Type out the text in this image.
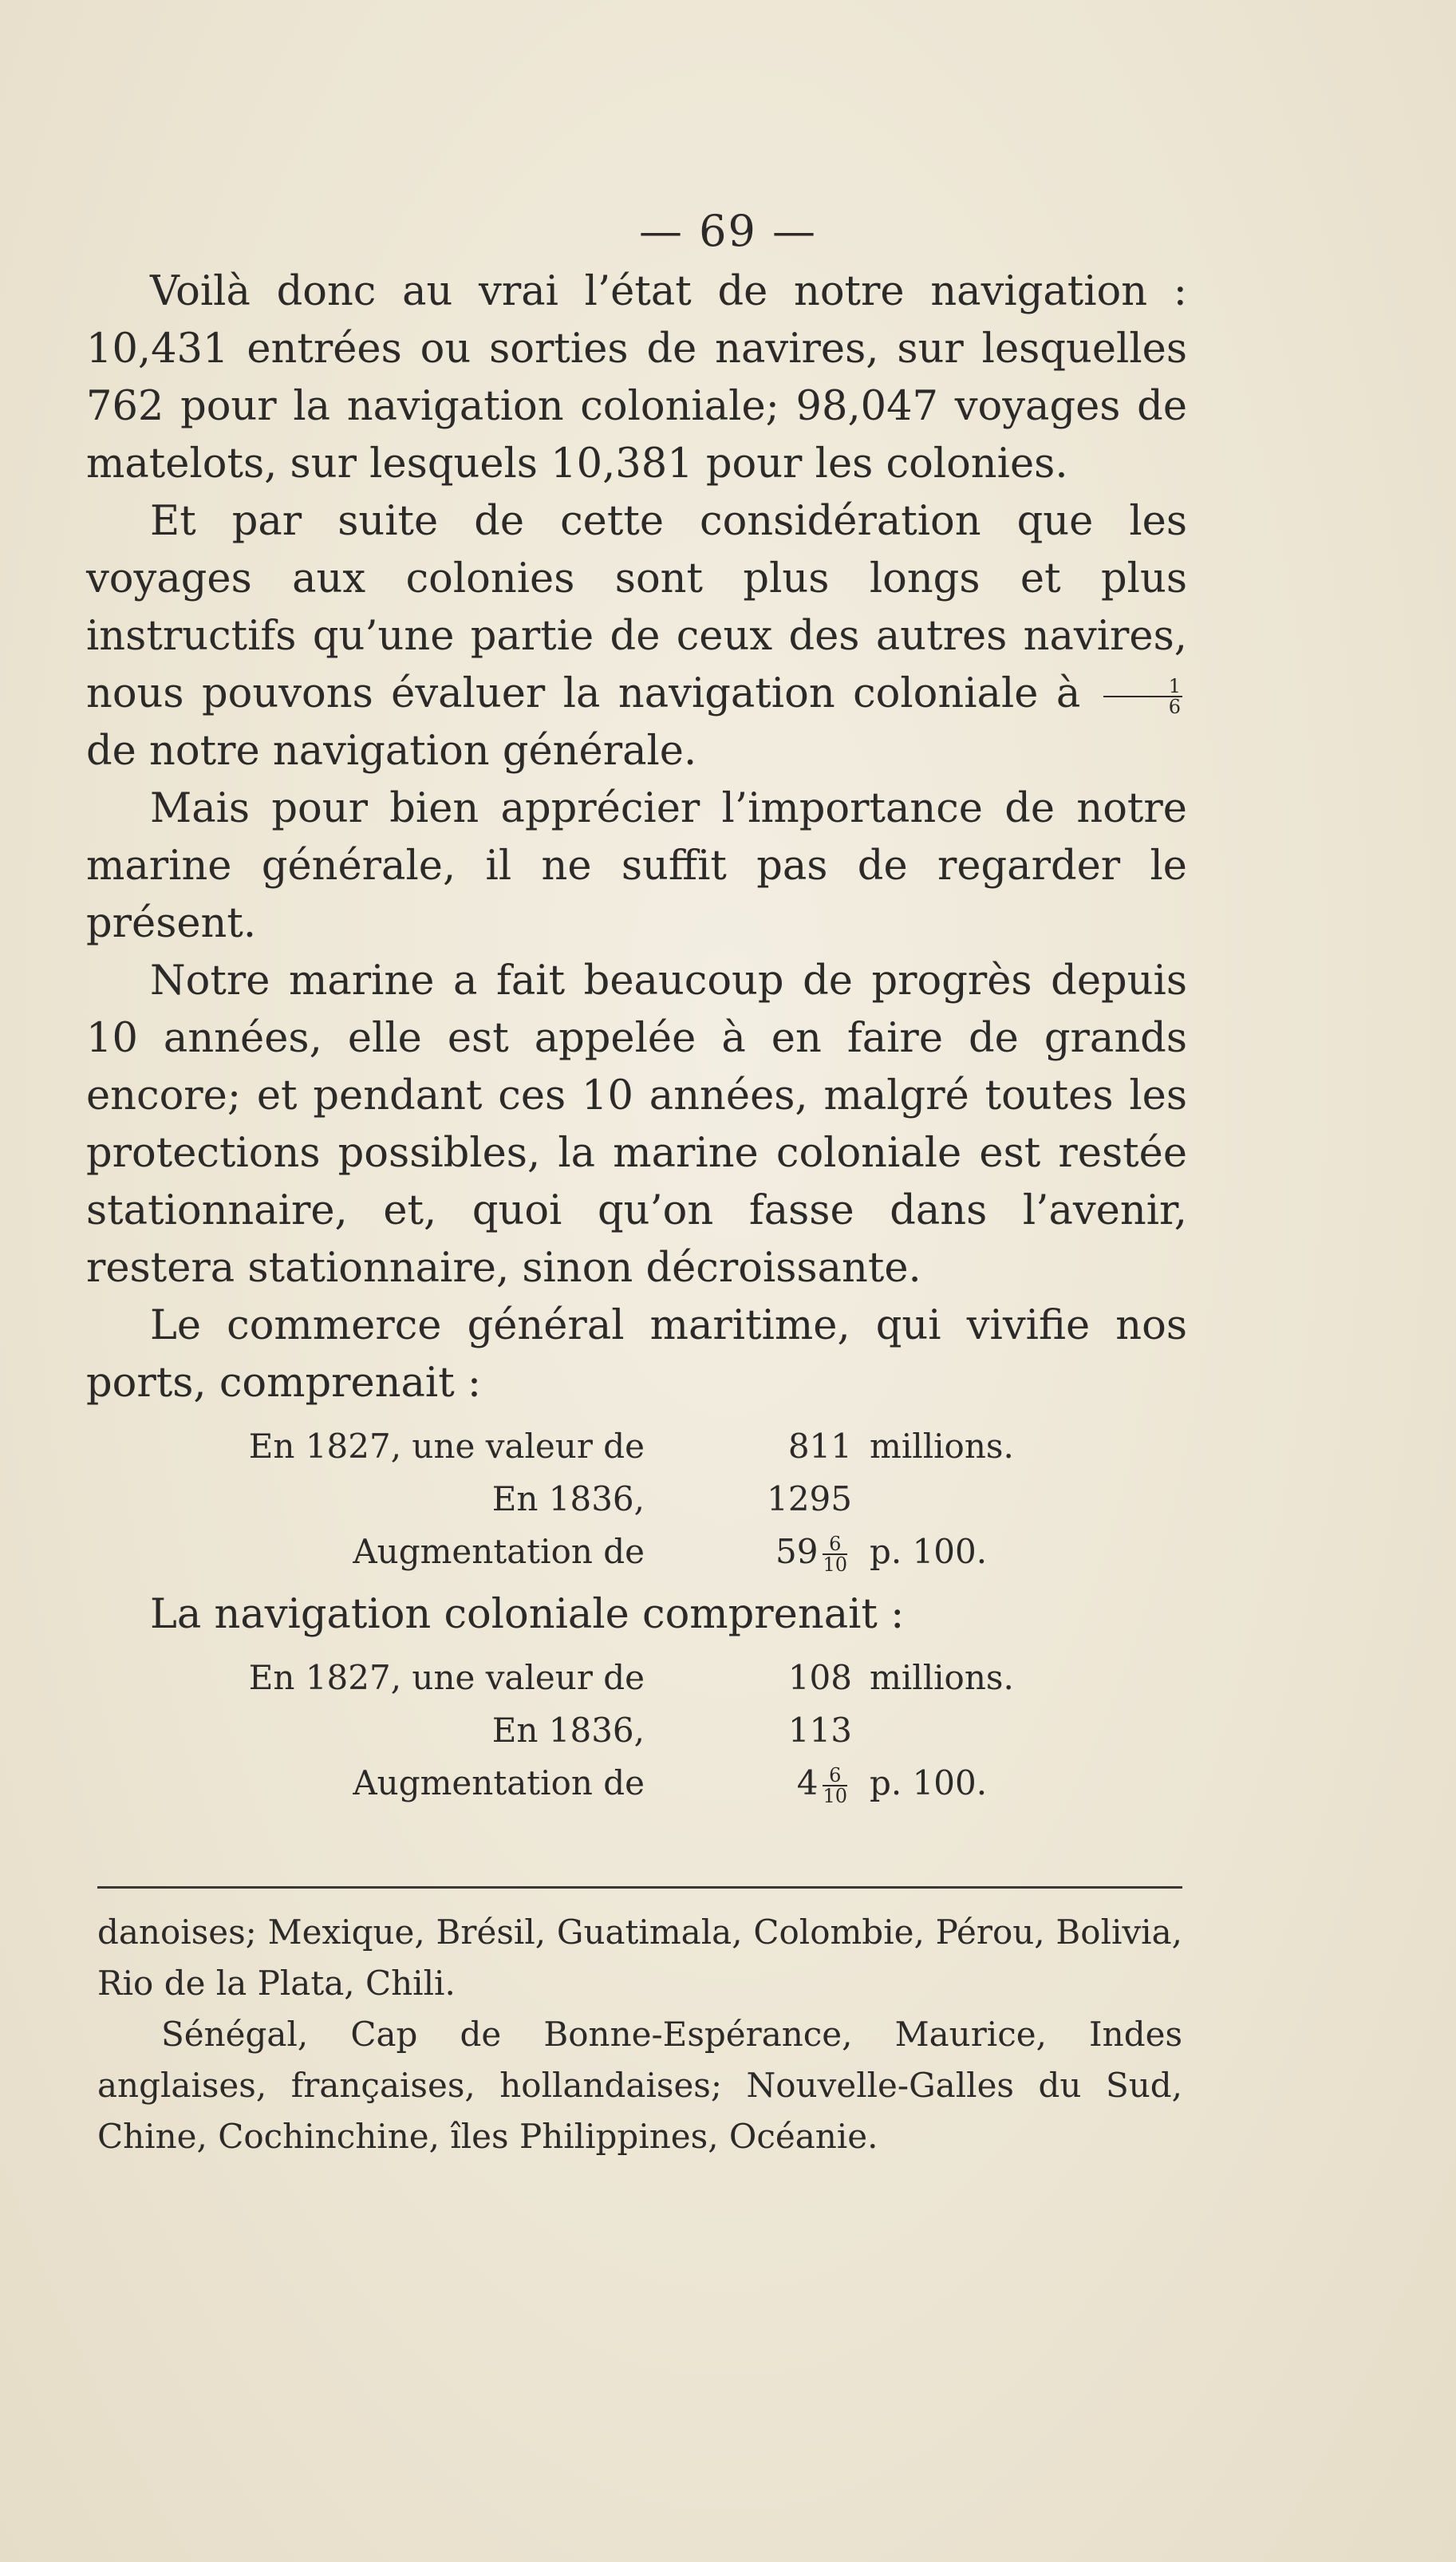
— 69 —

Voilà donc au vrai l’état de notre navigation : 10,431 entrées ou sorties de navires, sur lesquelles 762 pour la navigation coloniale; 98,047 voyages de matelots, sur lesquels 10,381 pour les colonies.

Et par suite de cette considération que les voyages aux colonies sont plus longs et plus instructifs qu’une partie de ceux des autres navires, nous pouvons évaluer la navigation coloniale à $\frac{1}{6}$
de notre navigation générale.

Mais pour bien apprécier l’importance de notre marine générale, il ne suffit pas de regarder le présent.

Notre marine a fait beaucoup de progrès depuis 10 années, elle est appelée à en faire de grands encore; et pendant ces 10 années, malgré toutes les protections possibles, la marine coloniale est restée stationnaire, et, quoi qu’on fasse dans l’avenir, restera stationnaire, sinon décroissante.

Le commerce général maritime, qui vivifie nos ports, comprenait :

En 1827, une valeur de	811 millions.
En 1836,	1295
Augmentation de	$59 \frac{6}{10} p$. 100.

La navigation coloniale comprenait :

En 1827, une valeur de	108 millions.
En 1836,	113
Augmentation de	$4 \frac{6}{10} p$. 100.

danoises; Mexique, Brésil, Guatimala, Colombie, Pérou, Bolivia, Rio de la Plata, Chili.

Sénégal, Cap de Bonne-Espérance, Maurice, Indes anglaises, françaises, hollandaises; Nouvelle-Galles du Sud, Chine, Cochinchine, îles Philippines, Océanie.
